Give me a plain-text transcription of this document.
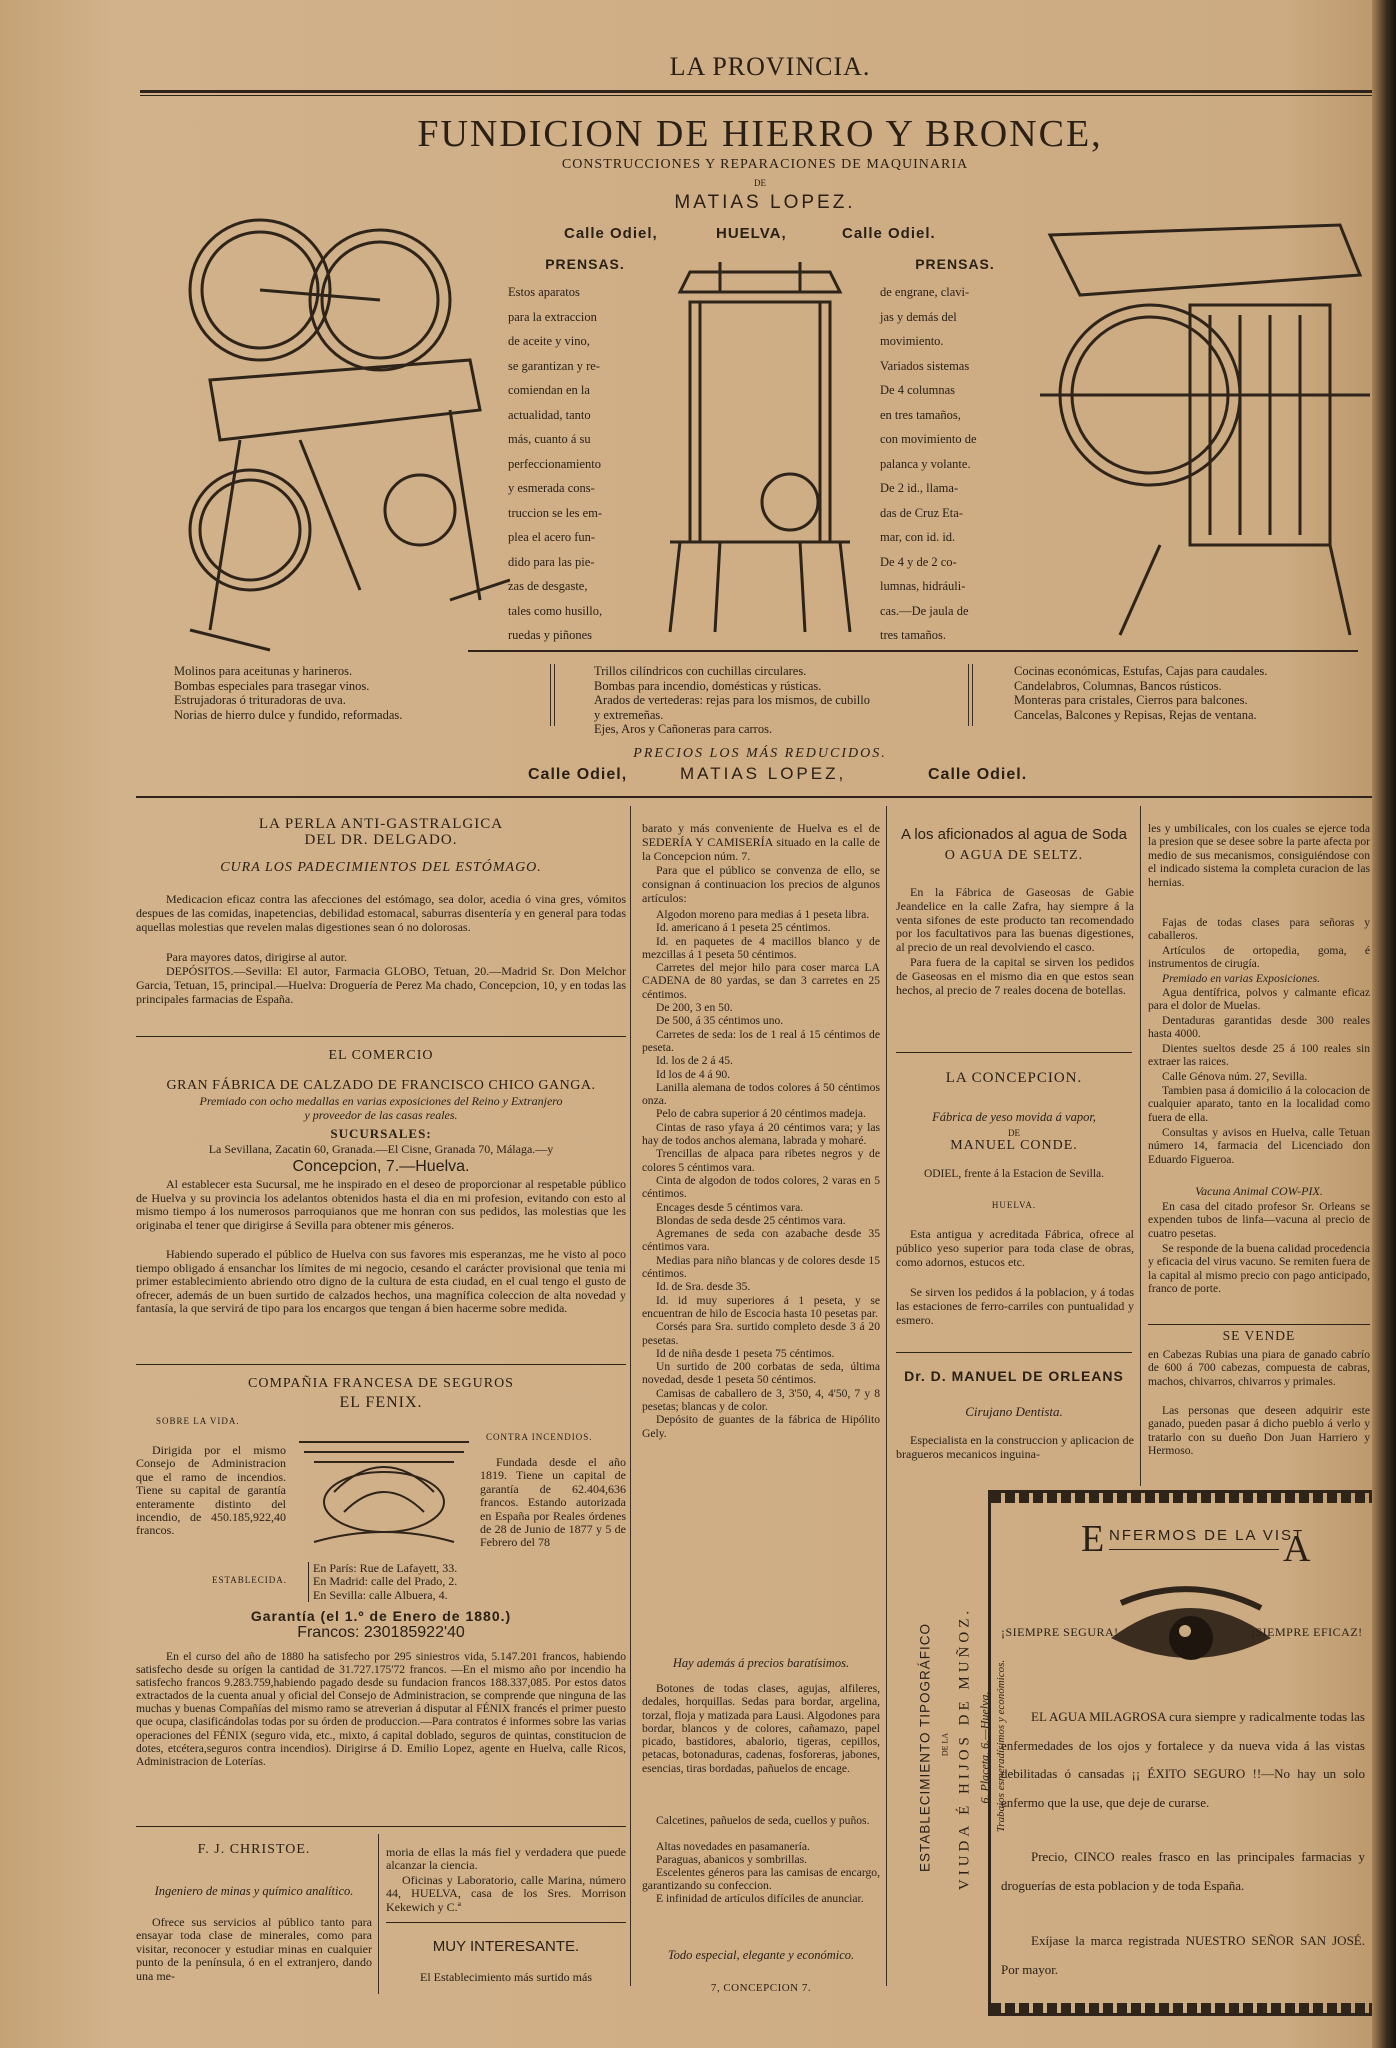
LA PROVINCIA.
FUNDICION DE HIERRO Y BRONCE,
CONSTRUCCIONES Y REPARACIONES DE MAQUINARIA
DE
MATIAS LOPEZ.
Calle Odiel,	HUELVA,	Calle Odiel.
PRENSAS.
Estos aparatos
para la extraccion
de aceite y vino,
se garantizan y re-
comiendan en la
actualidad, tanto
más, cuanto á su
perfeccionamiento
y esmerada cons-
truccion se les em-
plea el acero fun-
dido para las pie-
zas de desgaste,
tales como husillo,
ruedas y piñones
PRENSAS.
de engrane, clavi-
jas y demás del
movimiento.
Variados sistemas
De 4 columnas
en tres tamaños,
con movimiento de
palanca y volante.
De 2 id., llama-
das de Cruz Eta-
mar, con id. id.
De 4 y de 2 co-
lumnas, hidráuli-
cas.—De jaula de
tres tamaños.
Molinos para aceitunas y harineros.
Bombas especiales para trasegar vinos.
Estrujadoras ó trituradoras de uva.
Norias de hierro dulce y fundido, reformadas.
Trillos cilíndricos con cuchillas circulares.
Bombas para incendio, domésticas y rústicas.
Arados de vertederas: rejas para los mismos, de cubillo
y extremeñas.
Ejes, Aros y Cañoneras para carros.
Cocinas económicas, Estufas, Cajas para caudales.
Candelabros, Columnas, Bancos rústicos.
Monteras para cristales, Cierros para balcones.
Cancelas, Balcones y Repisas, Rejas de ventana.
PRECIOS LOS MÁS REDUCIDOS.
Calle Odiel,	MATIAS LOPEZ,	Calle Odiel.
LA PERLA ANTI-GASTRALGICA
DEL DR. DELGADO.
CURA LOS PADECIMIENTOS DEL ESTÓMAGO.
Medicacion eficaz contra las afecciones del estómago, sea dolor, acedia ó vina gres, vómitos despues de las comidas, inapetencias, debilidad estomacal, saburras disentería y en general para todas aquellas molestias que revelen malas digestiones sean ó no dolorosas.
Para mayores datos, dirigirse al autor.
DEPÓSITOS.—Sevilla: El autor, Farmacia GLOBO, Tetuan, 20.—Madrid Sr. Don Melchor Garcia, Tetuan, 15, principal.—Huelva: Droguería de Perez Ma chado, Concepcion, 10, y en todas las principales farmacias de España.
EL COMERCIO
GRAN FÁBRICA DE CALZADO DE FRANCISCO CHICO GANGA.
Premiado con ocho medallas en varias exposiciones del Reino y Extranjero
y proveedor de las casas reales.
SUCURSALES:
La Sevillana, Zacatin 60, Granada.—El Cisne, Granada 70, Málaga.—y
Concepcion, 7.—Huelva.
Al establecer esta Sucursal, me he inspirado en el deseo de proporcionar al respetable público de Huelva y su provincia los adelantos obtenidos hasta el dia en mi profesion, evitando con esto al mismo tiempo á los numerosos parroquianos que me honran con sus pedidos, las molestias que les originaba el tener que dirigirse á Sevilla para obtener mis géneros.
Habiendo superado el público de Huelva con sus favores mis esperanzas, me he visto al poco tiempo obligado á ensanchar los límites de mi negocio, cesando el carácter provisional que tenia mi primer establecimiento abriendo otro digno de la cultura de esta ciudad, en el cual tengo el gusto de ofrecer, además de un buen surtido de calzados hechos, una magnífica coleccion de alta novedad y fantasía, la que servirá de tipo para los encargos que tengan á bien hacerme sobre medida.
COMPAÑIA FRANCESA DE SEGUROS
EL FENIX.
SOBRE LA VIDA.
CONTRA INCENDIOS.
Dirigida por el mismo Consejo de Administracion que el ramo de incendios. Tiene su capital de garantía enteramente distinto del incendio, de 450.185,922,40 francos.
Fundada desde el año 1819. Tiene un capital de garantía de 62.404,636 francos. Estando autorizada en España por Reales órdenes de 28 de Junio de 1877 y 5 de Febrero del 78
ESTABLECIDA.
En París: Rue de Lafayett, 33.
En Madrid: calle del Prado, 2.
En Sevilla: calle Albuera, 4.
Garantía (el 1.º de Enero de 1880.)
Francos: 230185922'40
En el curso del año de 1880 ha satisfecho por 295 siniestros vida, 5.147.201 francos, habiendo satisfecho desde su orígen la cantidad de 31.727.175'72 francos. —En el mismo año por incendio ha satisfecho francos 9.283.759,habiendo pagado desde su fundacion francos 188.337,085. Por estos datos extractados de la cuenta anual y oficial del Consejo de Administracion, se comprende que ninguna de las muchas y buenas Compañías del mismo ramo se atreverian á disputar al FÉNIX francés el primer puesto que ocupa, clasificándolas todas por su órden de produccion.—Para contratos é informes sobre las varias operaciones del FÉNIX (seguro vida, etc., mixto, á capital doblado, seguros de quintas, constitucion de dotes, etcétera,seguros contra incendios). Dirigirse á D. Emilio Lopez, agente en Huelva, calle Ricos, Administracion de Loterías.
F. J. CHRISTOE.
Ingeniero de minas y químico analítico.
Ofrece sus servicios al público tanto para ensayar toda clase de minerales, como para visitar, reconocer y estudiar minas en cualquier punto de la península, ó en el extranjero, dando una me-
moria de ellas la más fiel y verdadera que puede alcanzar la ciencia.
Oficinas y Laboratorio, calle Marina, número 44, HUELVA, casa de los Sres. Morrison Kekewich y C.ª
MUY INTERESANTE.
El Establecimiento más surtido más
barato y más conveniente de Huelva es el de SEDERÍA Y CAMISERÍA situado en la calle de la Concepcion núm. 7.
Para que el público se convenza de ello, se consignan á continuacion los precios de algunos artículos:
Algodon moreno para medias á 1 peseta libra.
Id. americano á 1 peseta 25 céntimos.
Id. en paquetes de 4 macillos blanco y de mezcillas á 1 peseta 50 céntimos.
Carretes del mejor hilo para coser marca LA CADENA de 80 yardas, se dan 3 carretes en 25 céntimos.
De 200, 3 en 50.
De 500, á 35 céntimos uno.
Carretes de seda: los de 1 real á 15 céntimos de peseta.
Id. los de 2 á 45.
Id los de 4 á 90.
Lanilla alemana de todos colores á 50 céntimos onza.
Pelo de cabra superior á 20 céntimos madeja.
Cintas de raso yfaya á 20 céntimos vara; y las hay de todos anchos alemana, labrada y moharé.
Trencillas de alpaca para ribetes negros y de colores 5 céntimos vara.
Cinta de algodon de todos colores, 2 varas en 5 céntimos.
Encages desde 5 céntimos vara.
Blondas de seda desde 25 céntimos vara.
Agremanes de seda con azabache desde 35 céntimos vara.
Medias para niño blancas y de colores desde 15 céntimos.
Id. de Sra. desde 35.
Id. id muy superiores á 1 peseta, y se encuentran de hilo de Escocia hasta 10 pesetas par.
Corsés para Sra. surtido completo desde 3 á 20 pesetas.
Id de niña desde 1 peseta 75 céntimos.
Un surtido de 200 corbatas de seda, última novedad, desde 1 peseta 50 céntimos.
Camisas de caballero de 3, 3'50, 4, 4'50, 7 y 8 pesetas; blancas y de color.
Depósito de guantes de la fábrica de Hipólito Gely.
Hay además á precios baratísimos.
Botones de todas clases, agujas, alfileres, dedales, horquillas. Sedas para bordar, argelina, torzal, floja y matizada para Lausi. Algodones para bordar, blancos y de colores, cañamazo, papel picado, bastidores, abalorio, tigeras, cepillos, petacas, botonaduras, cadenas, fosforeras, jabones, esencias, tiras bordadas, pañuelos de encage.
Calcetines, pañuelos de seda, cuellos y puños.
Altas novedades en pasamanería.
Paraguas, abanicos y sombrillas.
Escelentes géneros para las camisas de encargo, garantizando su confeccion.
E infinidad de artículos difíciles de anunciar.
Todo especial, elegante y económico.
7, CONCEPCION 7.
A los aficionados al agua de Soda
O AGUA DE SELTZ.
En la Fábrica de Gaseosas de Gabie Jeandelice en la calle Zafra, hay siempre á la venta sifones de este producto tan recomendado por los facultativos para las buenas digestiones, al precio de un real devolviendo el casco.
Para fuera de la capital se sirven los pedidos de Gaseosas en el mismo dia en que estos sean hechos, al precio de 7 reales docena de botellas.
LA CONCEPCION.
Fábrica de yeso movida á vapor,
DE
MANUEL CONDE.
ODIEL, frente á la Estacion de Sevilla.
HUELVA.
Esta antigua y acreditada Fábrica, ofrece al público yeso superior para toda clase de obras, como adornos, estucos etc.
Se sirven los pedidos á la poblacion, y á todas las estaciones de ferro-carriles con puntualidad y esmero.
Dr. D. MANUEL DE ORLEANS
Cirujano Dentista.
Especialista en la construccion y aplicacion de bragueros mecanicos inguina-
les y umbilicales, con los cuales se ejerce toda la presion que se desee sobre la parte afecta por medio de sus mecanismos, consiguiéndose con el indicado sistema la completa curacion de las hernias.
Fajas de todas clases para señoras y caballeros.
Artículos de ortopedia, goma, é instrumentos de cirugía.
Premiado en varias Exposiciones.
Agua dentífrica, polvos y calmante eficaz para el dolor de Muelas.
Dentaduras garantidas desde 300 reales hasta 4000.
Dientes sueltos desde 25 á 100 reales sin extraer las raices.
Calle Génova núm. 27, Sevilla.
Tambien pasa á domicilio á la colocacion de cualquier aparato, tanto en la localidad como fuera de ella.
Consultas y avisos en Huelva, calle Tetuan número 14, farmacia del Licenciado don Eduardo Figueroa.
Vacuna Animal COW-PIX.
En casa del citado profesor Sr. Orleans se expenden tubos de linfa—vacuna al precio de cuatro pesetas.
Se responde de la buena calidad procedencia y eficacia del virus vacuno. Se remiten fuera de la capital al mismo precio con pago anticipado, franco de porte.
SE VENDE
en Cabezas Rubias una piara de ganado cabrío de 600 á 700 cabezas, compuesta de cabras, machos, chivarros, chivarros y primales.
Las personas que deseen adquirir este ganado, pueden pasar á dicho pueblo á verlo y tratarlo con su dueño Don Juan Harriero y Hermoso.
ESTABLECIMIENTO TIPOGRÁFICO DE LA VIUDA É HIJOS DE MUÑOZ. 6, Placeta, 6.—Huelva. Trabajos esmeradísimos y económicos.
E NFERMOS DE LA VIST
A
¡SIEMPRE SEGURA!	¡SIEMPRE EFICAZ!
EL AGUA MILAGROSA cura siempre y radicalmente todas las enfermedades de los ojos y fortalece y da nueva vida á las vistas debilitadas ó cansadas ¡¡ ÉXITO SEGURO !!—No hay un solo enfermo que la use, que deje de curarse.
Precio, CINCO reales frasco en las principales farmacias y droguerías de esta poblacion y de toda España.
Exíjase la marca registrada NUESTRO SEÑOR SAN JOSÉ. Por mayor.
